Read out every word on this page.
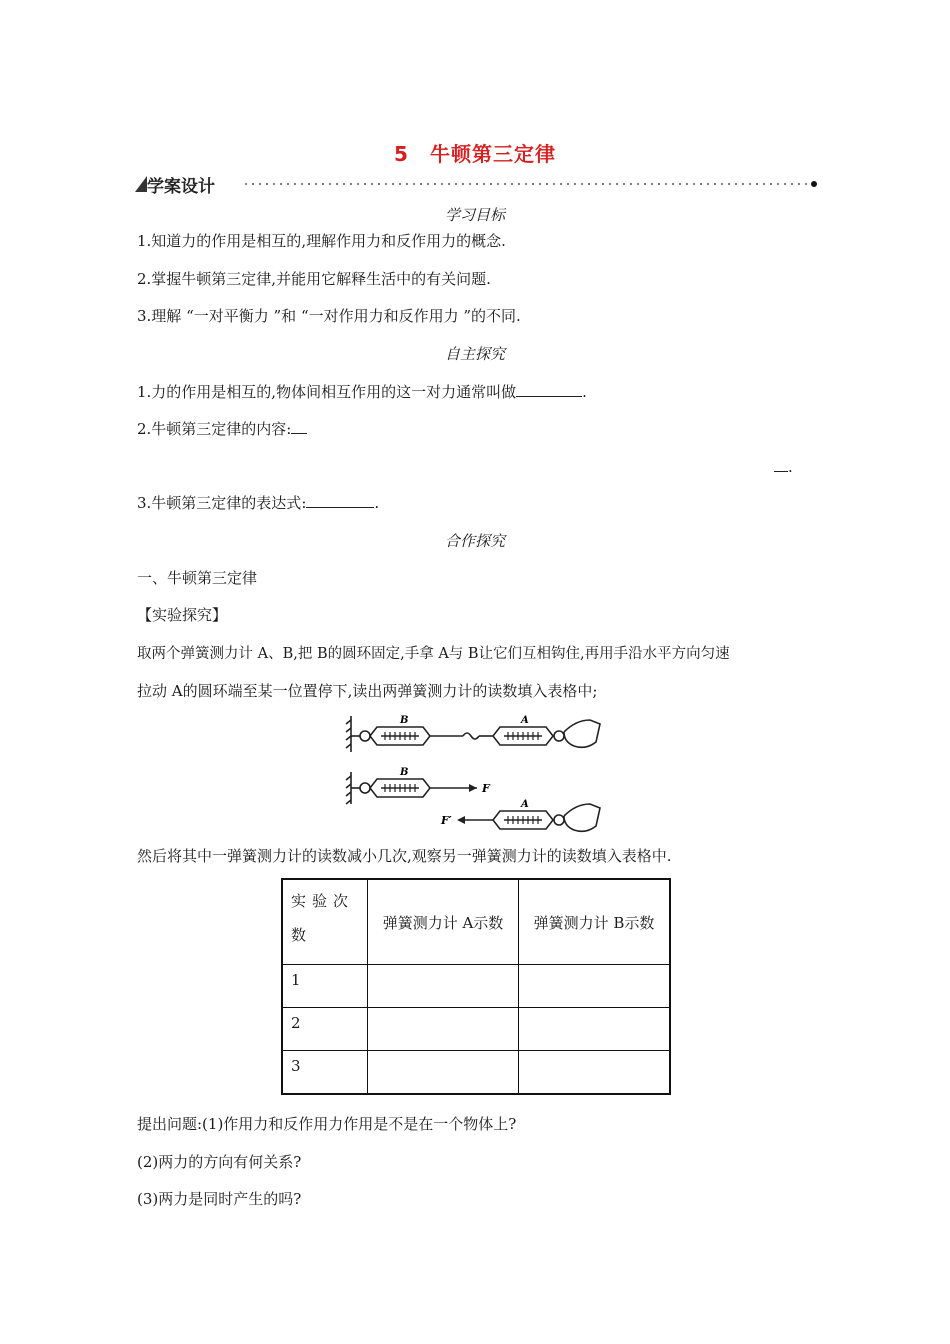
5　牛顿第三定律
学案设计
学习目标
1.知道力的作用是相互的,理解作用力和反作用力的概念.
2.掌握牛顿第三定律,并能用它解释生活中的有关问题.
3.理解 “一对平衡力 ”和 “一对作用力和反作用力 ”的不同.
自主探究
1.力的作用是相互的,物体间相互作用的这一对力通常叫做	.
2.牛顿第三定律的内容:
.
3.牛顿第三定律的表达式:	.
合作探究
一、牛顿第三定律
【实验探究】
取两个弹簧测力计 A、B,把 B的圆环固定,手拿 A与 B让它们互相钩住,再用手沿水平方向匀速
拉动 A的圆环端至某一位置停下,读出两弹簧测力计的读数填入表格中;
B	A
B
F
A
F′
然后将其中一弹簧测力计的读数减小几次,观察另一弹簧测力计的读数填入表格中.
实验次数	弹簧测力计 A示数	弹簧测力计 B示数
1		
2		
3		
提出问题:(1)作用力和反作用力作用是不是在一个物体上?
(2)两力的方向有何关系?
(3)两力是同时产生的吗?
